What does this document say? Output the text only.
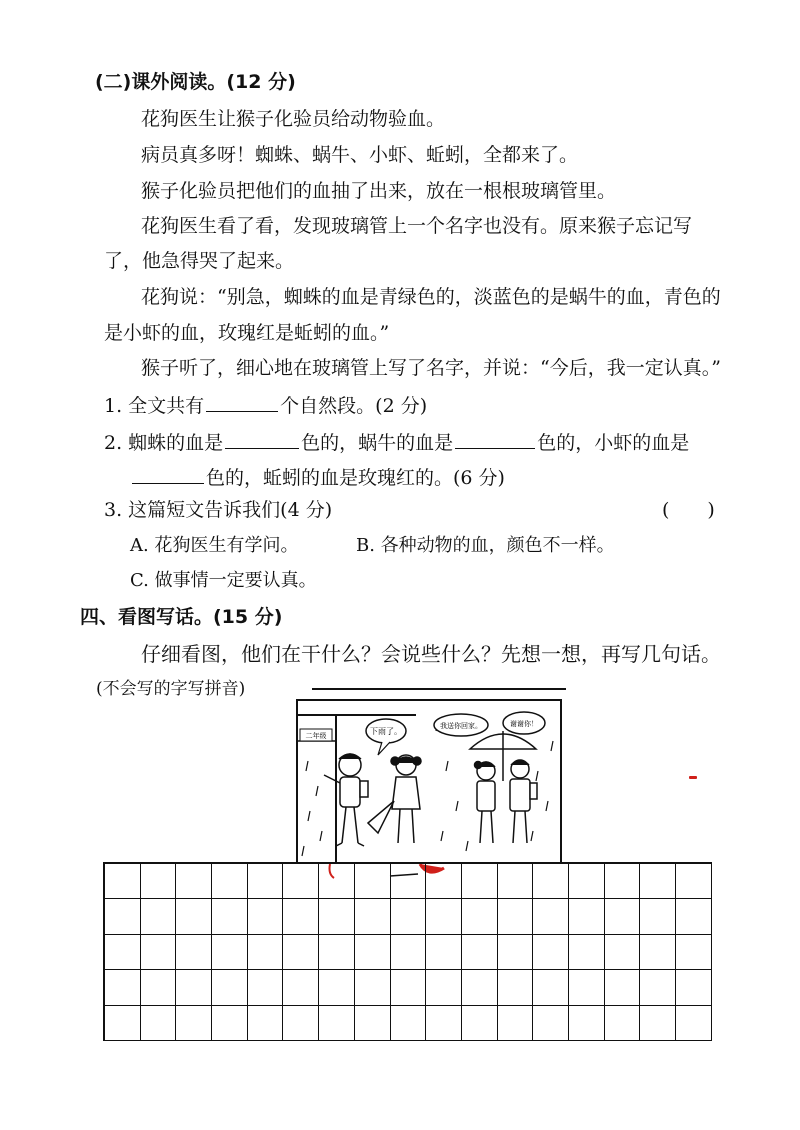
(二)课外阅读。(12 分)
花狗医生让猴子化验员给动物验血。
病员真多呀！蜘蛛、蜗牛、小虾、蚯蚓，全都来了。
猴子化验员把他们的血抽了出来，放在一根根玻璃管里。
花狗医生看了看，发现玻璃管上一个名字也没有。原来猴子忘记写
了，他急得哭了起来。
花狗说：“别急，蜘蛛的血是青绿色的，淡蓝色的是蜗牛的血，青色的
是小虾的血，玫瑰红是蚯蚓的血。”
猴子听了，细心地在玻璃管上写了名字，并说：“今后，我一定认真。”
1. 全文共有	个自然段。(2 分)
2. 蜘蛛的血是	色的，蜗牛的血是	色的，小虾的血是
色的，蚯蚓的血是玫瑰红的。(6 分)
3. 这篇短文告诉我们(4 分)	(　　)
A. 花狗医生有学问。	B. 各种动物的血，颜色不一样。
C. 做事情一定要认真。
四、看图写话。(15 分)
仔细看图，他们在干什么？会说些什么？先想一想，再写几句话。
(不会写的字写拼音)
二年级	下雨了。
我送你回家。	谢谢你！
